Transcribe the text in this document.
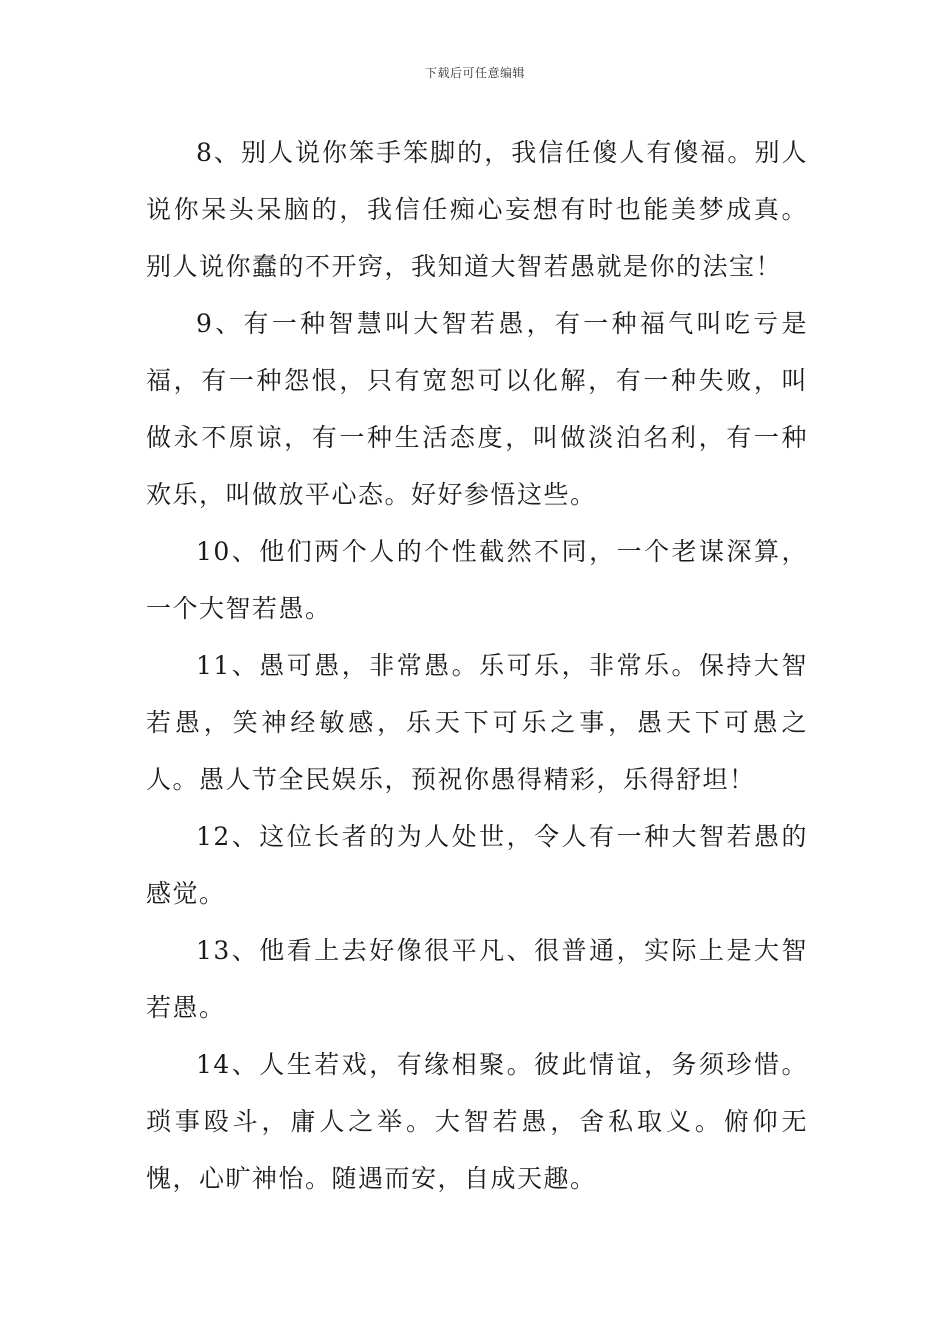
下载后可任意编辑

8、别人说你笨手笨脚的，我信任傻人有傻福。别人说你呆头呆脑的，我信任痴心妄想有时也能美梦成真。别人说你蠢的不开窍，我知道大智若愚就是你的法宝！

9、有一种智慧叫大智若愚，有一种福气叫吃亏是福，有一种怨恨，只有宽恕可以化解，有一种失败，叫做永不原谅，有一种生活态度，叫做淡泊名利，有一种欢乐，叫做放平心态。好好参悟这些。

10、他们两个人的个性截然不同，一个老谋深算，一个大智若愚。

11、愚可愚，非常愚。乐可乐，非常乐。保持大智若愚，笑神经敏感，乐天下可乐之事，愚天下可愚之人。愚人节全民娱乐，预祝你愚得精彩，乐得舒坦！

12、这位长者的为人处世，令人有一种大智若愚的感觉。

13、他看上去好像很平凡、很普通，实际上是大智若愚。

14、人生若戏，有缘相聚。彼此情谊，务须珍惜。琐事殴斗，庸人之举。大智若愚，舍私取义。俯仰无愧，心旷神怡。随遇而安，自成天趣。
